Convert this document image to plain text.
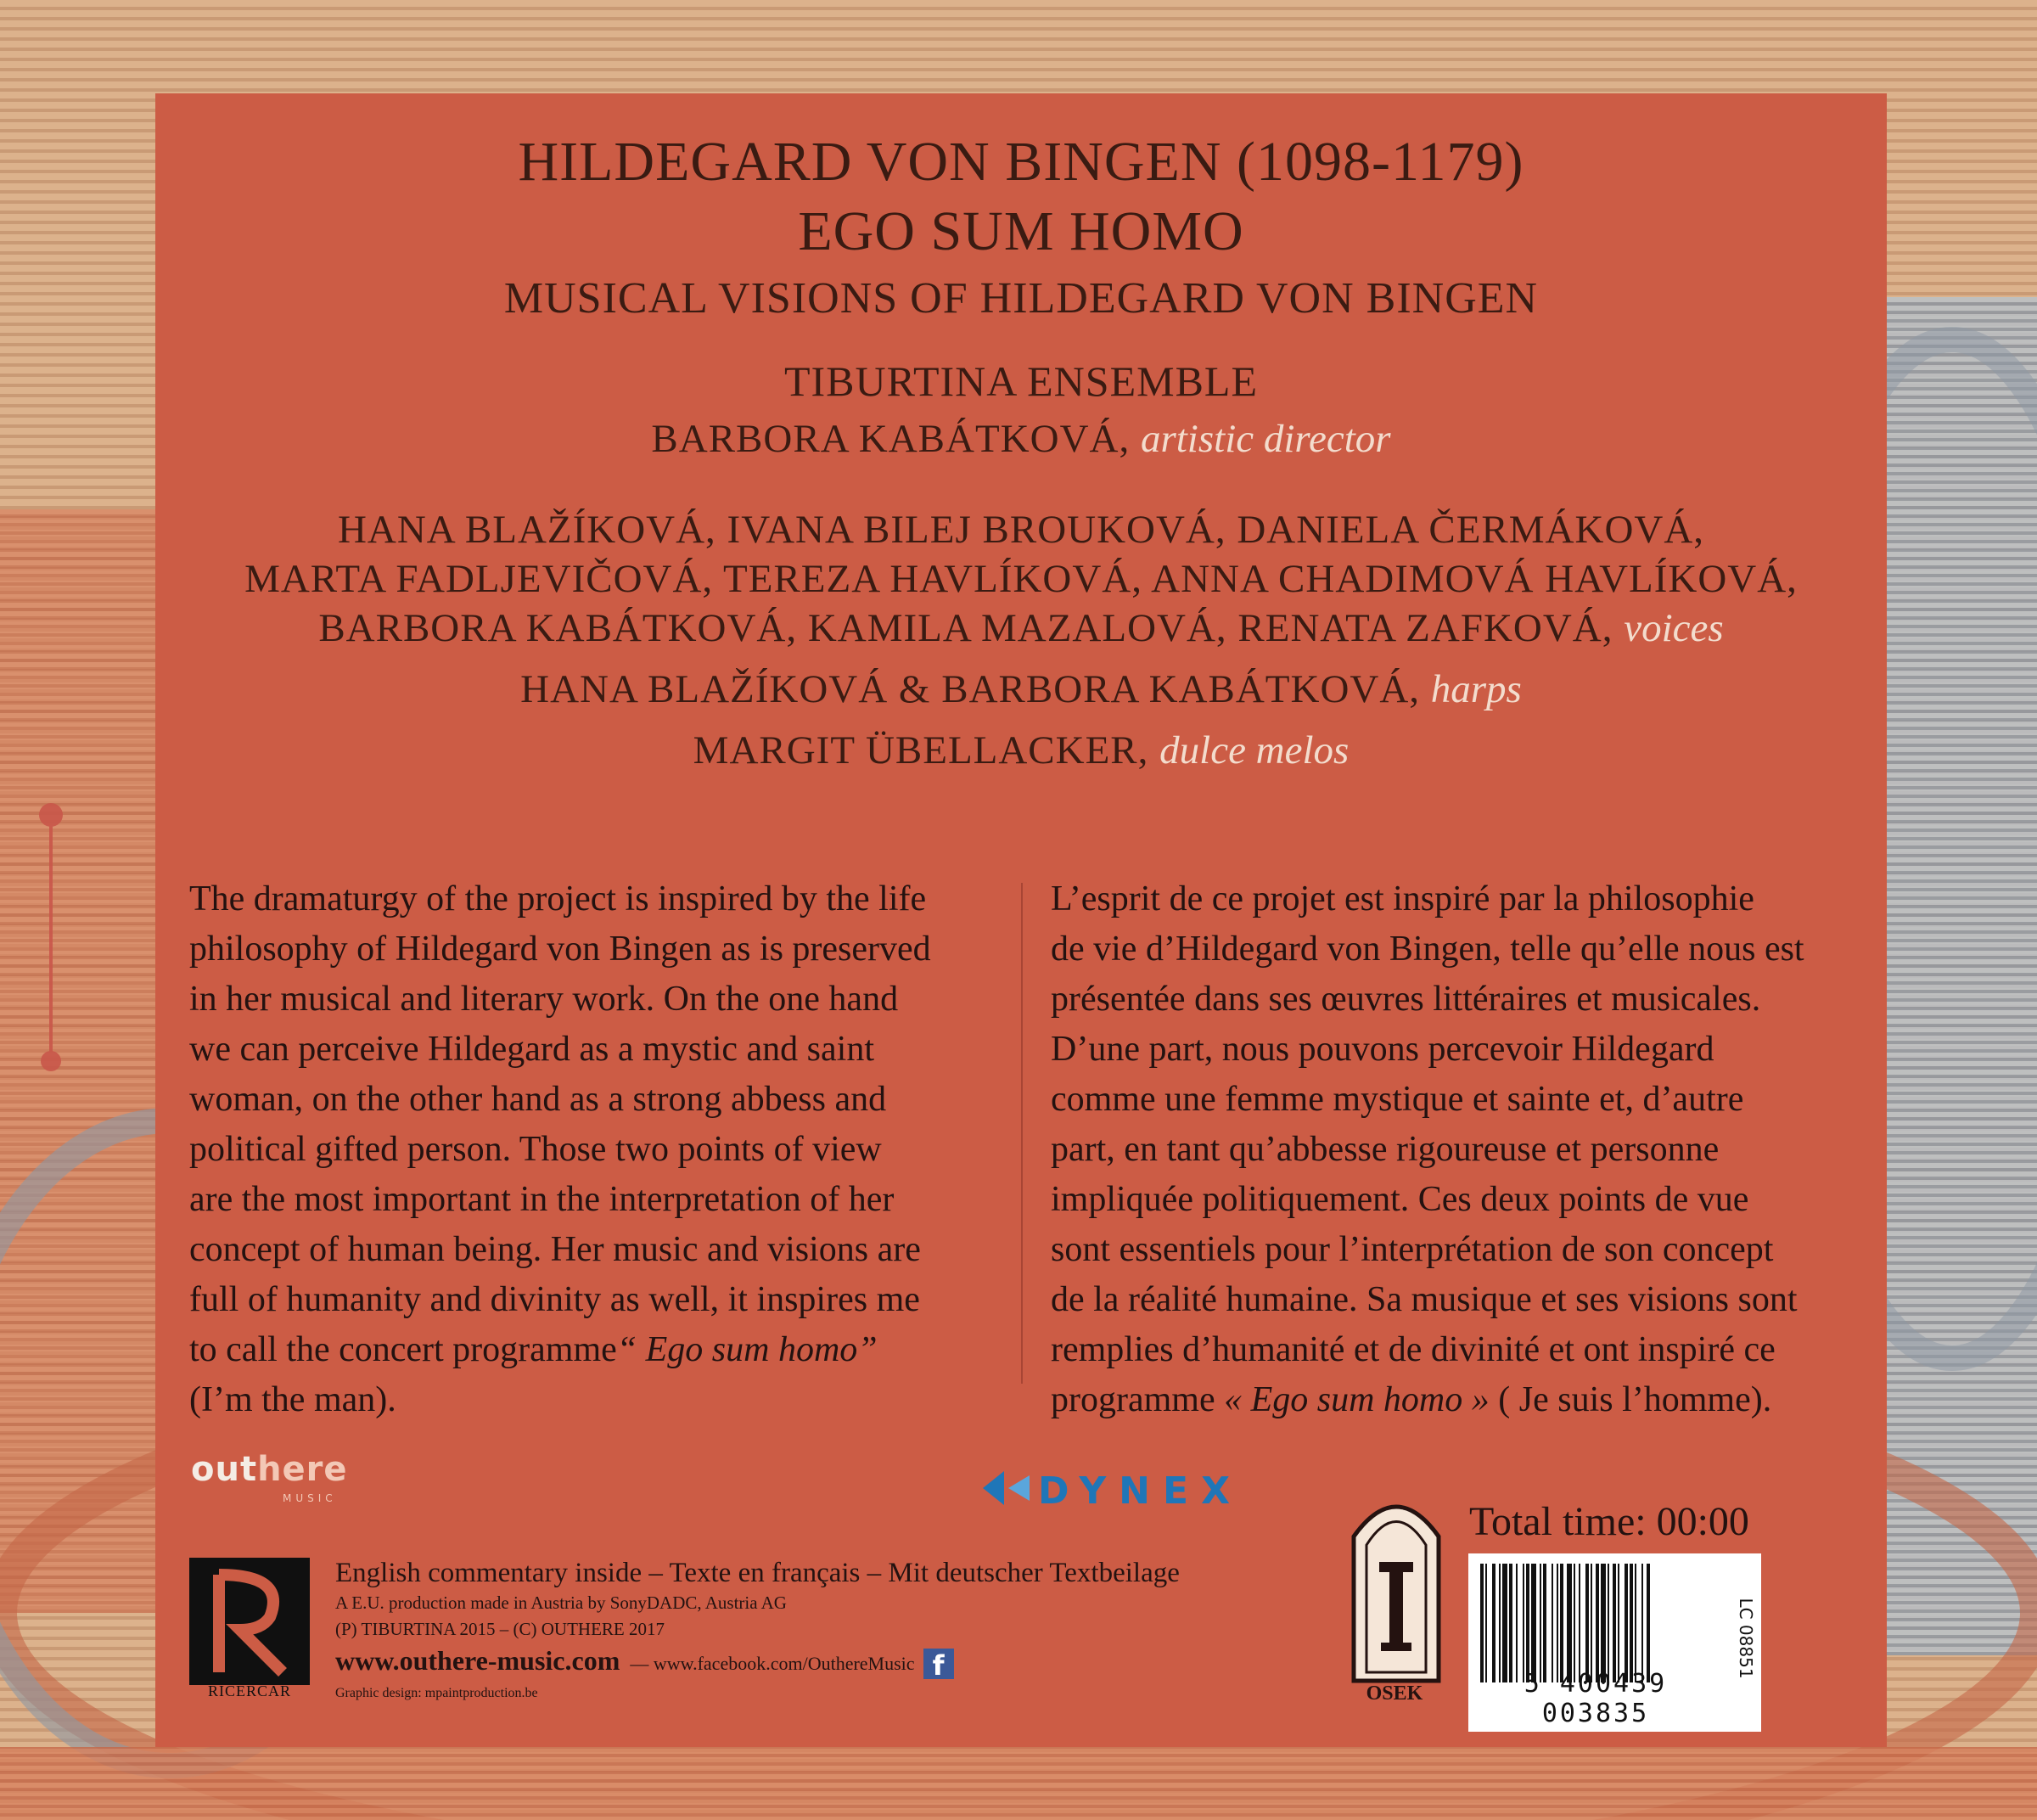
HILDEGARD VON BINGEN (1098-1179)
EGO SUM HOMO
MUSICAL VISIONS OF HILDEGARD VON BINGEN
TIBURTINA ENSEMBLE
BARBORA KABÁTKOVÁ, artistic director
HANA BLAŽÍKOVÁ, IVANA BILEJ BROUKOVÁ, DANIELA ČERMÁKOVÁ,
MARTA FADLJEVIČOVÁ, TEREZA HAVLÍKOVÁ, ANNA CHADIMOVÁ HAVLÍKOVÁ,
BARBORA KABÁTKOVÁ, KAMILA MAZALOVÁ, RENATA ZAFKOVÁ, voices
HANA BLAŽÍKOVÁ & BARBORA KABÁTKOVÁ, harps
MARGIT ÜBELLACKER, dulce melos
The dramaturgy of the project is inspired by the life
philosophy of Hildegard von Bingen as is preserved
in her musical and literary work. On the one hand
we can perceive Hildegard as a mystic and saint
woman, on the other hand as a strong abbess and
political gifted person. Those two points of view
are the most important in the interpretation of her
concept of human being. Her music and visions are
full of humanity and divinity as well, it inspires me
to call the concert programme“ Ego sum homo”
(I’m the man).
L’esprit de ce projet est inspiré par la philosophie
de vie d’Hildegard von Bingen, telle qu’elle nous est
présentée dans ses œuvres littéraires et musicales.
D’une part, nous pouvons percevoir Hildegard
comme une femme mystique et sainte et, d’autre
part, en tant qu’abbesse rigoureuse et personne
impliquée politiquement. Ces deux points de vue
sont essentiels pour l’interprétation de son concept
de la réalité humaine. Sa musique et ses visions sont
remplies d’humanité et de divinité et ont inspiré ce
programme « Ego sum homo » ( Je suis l’homme).
outhere
MUSIC	DYNEX
RICERCAR
English commentary inside – Texte en français – Mit deutscher Textbeilage
A E.U. production made in Austria by SonyDADC, Austria AG
(P) TIBURTINA 2015 – (C) OUTHERE 2017
www.outhere-music.com — www.facebook.com/OuthereMusic f
Graphic design: mpaintproduction.be	OSEK
Total time: 00:00
5 400439 003835
LC 08851
